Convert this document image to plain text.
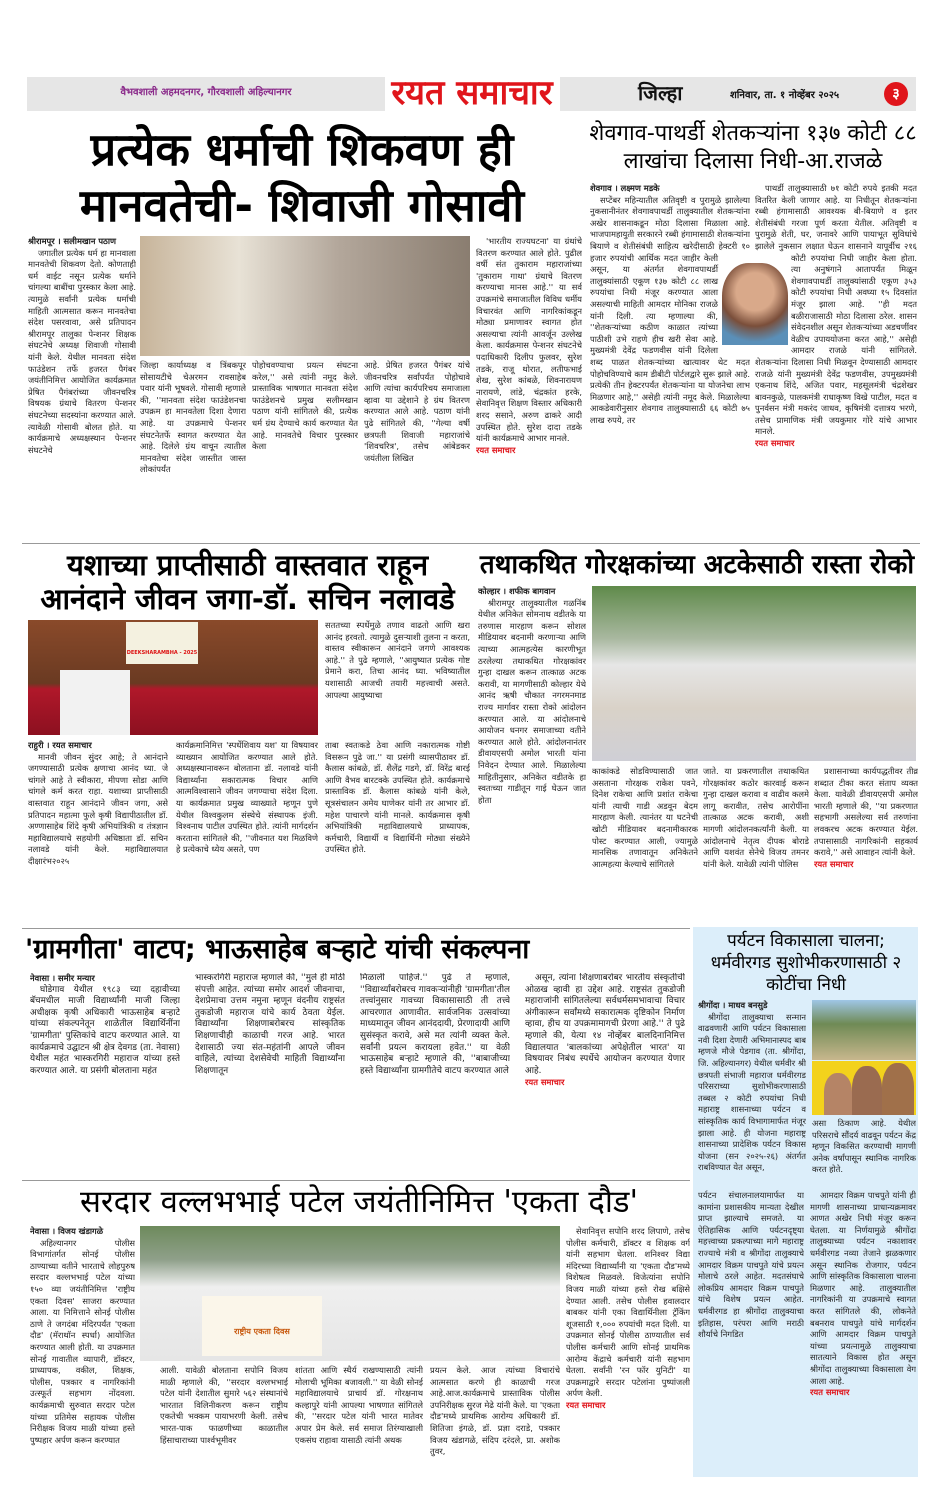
वैभवशाली अहमदनगर, गौरवशाली अहिल्यानगर	रयत समाचार	जिल्हा	शनिवार, ता. १ नोव्हेंबर २०२५	३
प्रत्येक धर्माची शिकवण ही मानवतेची- शिवाजी गोसावी
श्रीरामपूर । सलीमखान पठाण

जगातील प्रत्येक धर्म हा मानवाला मानवतेची शिकवण देतो. कोणताही धर्म वाईट नसून प्रत्येक धर्माने चांगल्या बाबींचा पुरस्कार केला आहे. त्यामुळे सर्वांनी प्रत्येक धर्माची माहिती आत्मसात करून मानवतेचा संदेश पसरवावा, असे प्रतिपादन श्रीरामपूर तालुका पेन्शनर शिक्षक संघटनेचे अध्यक्ष शिवाजी गोसावी यांनी केले. येथील मानवता संदेश फाउंडेशन तर्फे हजरत पैगंबर जयंतीनिमित्त आयोजित कार्यक्रमात प्रेषित पैगंबरांच्या जीवनचरित्र विषयक ग्रंथाचे वितरण पेन्शनर संघटनेच्या सदस्यांना करण्यात आले. त्यावेळी गोसावी बोलत होते. या कार्यक्रमाचे अध्यक्षस्थान पेन्शनर संघटनेचे

जिल्हा कार्याध्यक्ष व त्रिंबकपूर सोसायटीचे चेअरमन रावसाहेब पवार यांनी भूषवले. गोसावी म्हणाले की, ''मानवता संदेश फाउंडेशनचा उपक्रम हा मानवतेला दिशा देणारा आहे. या उपक्रमाचे पेन्शनर संघटनेतर्फे स्वागत करण्यात येत आहे. दिलेले ग्रंथ वाचून त्यातील मानवतेचा संदेश जास्तीत जास्त लोकांपर्यंत
पोहोचवण्याचा प्रयत्न संघटना करेल,'' असे त्यांनी नमूद केले. प्रास्ताविक भाषणात मानवता संदेश फाउंडेशनचे प्रमुख सलीमखान पठाण यांनी सांगितले की, प्रत्येक धर्म ग्रंथ देण्याचे कार्य करण्यात येत आहे. मानवतेचे विचार पुरस्कार केला
आहे. प्रेषित हजरत पैगंबर यांचे जीवनचरित्र सर्वांपर्यंत पोहोचावे आणि त्यांचा कार्यपरिचय समाजाला व्हावा या उद्देशाने हे ग्रंथ वितरण करण्यात आले आहे. पठाण यांनी पुढे सांगितले की, ''गेल्या वर्षी छत्रपती शिवाजी महाराजांचे 'शिवचरित्र', तसेच आंबेडकर जयंतीला लिखित

'भारतीय राज्यघटना' या ग्रंथांचे वितरण करण्यात आले होते. पुढील वर्षी संत तुकाराम महाराजांच्या 'तुकाराम गाथा' ग्रंथाचे वितरण करण्याचा मानस आहे.'' या सर्व उपक्रमांचे समाजातील विविध धर्मीय विचारवंत आणि नागरिकांकडून मोठ्या प्रमाणावर स्वागत होत असल्याचा त्यांनी आवर्जून उल्लेख केला. कार्यक्रमास पेन्शनर संघटनेचे पदाधिकारी दिलीप फुलवर, सुरेश तडके, राजू थोरात, लतीफभाई शेख, सुरेश कांबळे, शिवनारायण नारायणे, लांडे, चंद्रकांत हरके, सेवानिवृत्त शिक्षण विस्तार अधिकारी शरद ससाने, अरुण ढाकरे आदी उपस्थित होते. सुरेश दादा तडके यांनी कार्यक्रमाचे आभार मानले.

रयत समाचार
शेवगाव-पाथर्डी शेतकऱ्यांना १३७ कोटी ८८ लाखांचा दिलासा निधी-आ.राजळे
शेवगाव । लक्ष्मण मडके

सप्टेंबर महिन्यातील अतिवृष्टी व पुरामुळे झालेल्या नुकसानीनंतर शेवगावपाथर्डी तालुक्यातील शेतकऱ्यांना अखेर शासनाकडून मोठा दिलासा मिळाला आहे. भाजपामहायुती सरकारने रब्बी हंगामासाठी शेतकऱ्यांना बियाणे व शेतीसंबंधी साहित्य खरेदीसाठी हेक्टरी १० हजार रुपयांची आर्थिक मदत जाहीर केली असून, या अंतर्गत शेवगावपाथर्डी तालुक्यांसाठी एकूण १३७ कोटी ८८ लाख रुपयांचा निधी मंजूर करण्यात आला असल्याची माहिती आमदार मोनिका राजळे यांनी दिली. त्या म्हणाल्या की, ''शेतकऱ्यांच्या कठीण काळात त्यांच्या पाठीशी उभे राहणे हीच खरी सेवा आहे. मुख्यमंत्री देवेंद्र फडणवीस यांनी दिलेला शब्द पाळत शेतकऱ्यांच्या खात्यावर थेट मदत पोहोचविण्याचे काम डीबीटी पोर्टलद्वारे सुरू झाले आहे. प्रत्येकी तीन हेक्टरपर्यंत शेतकऱ्यांना या योजनेचा लाभ मिळणार आहे,'' असेही त्यांनी नमूद केले. मिळालेल्या आकडेवारीनुसार शेवगाव तालुक्यासाठी ६६ कोटी ७५ लाख रुपये, तर

पाथर्डी तालुक्यासाठी ७१ कोटी रुपये इतकी मदत वितरित केली जाणार आहे. या निधीतून शेतकऱ्यांना रब्बी हंगामासाठी आवश्यक बी-बियाणे व इतर शेतीसंबंधी गरजा पूर्ण करता येतील. अतिवृष्टी व पुरामुळे शेती, घर, जनावरे आणि पायाभूत सुविधांचे झालेले नुकसान लक्षात घेऊन शासनाने यापूर्वीच २१६ कोटी रुपयांचा निधी जाहीर केला होता. त्या अनुषंगाने आतापर्यंत मिळून शेवगावपाथर्डी तालुक्यांसाठी एकूण ३५३ कोटी रुपयांचा निधी अवघ्या १५ दिवसांत मंजूर झाला आहे. ''ही मदत बळीराजासाठी मोठा दिलासा ठरेल. शासन संवेदनशील असून शेतकऱ्यांच्या अडचणींवर वेळीच उपाययोजना करत आहे,'' असेही आमदार राजळे यांनी सांगितले. शेतकऱ्यांना दिलासा निधी मिळवून देण्यासाठी आमदार राजळे यांनी मुख्यमंत्री देवेंद्र फडणवीस, उपमुख्यमंत्री एकनाथ शिंदे, अजित पवार, महसूलमंत्री चंद्रशेखर बावनकुळे, पालकमंत्री राधाकृष्ण विखे पाटील, मदत व पुनर्वसन मंत्री मकरंद जाधव, कृषिमंत्री दत्तात्रय भरणे, तसेच प्रामाणिक मंत्री जयकुमार गोरे यांचे आभार मानले.

रयत समाचार
यशाच्या प्राप्तीसाठी वास्तवात राहून आनंदाने जीवन जगा-डॉ. सचिन नलावडे
DEEKSHARAMBHA - 2025
सततच्या स्पर्धेमुळे तणाव वाढतो आणि खरा आनंद हरवतो. त्यामुळे दुसऱ्याशी तुलना न करता, वास्तव स्वीकारून आनंदाने जगणे आवश्यक आहे.'' ते पुढे म्हणाले, ''आयुष्यात प्रत्येक गोष्ट प्रेमाने करा, तिचा आनंद घ्या. भविष्यातील यशासाठी आजची तयारी महत्त्वाची असते. आपल्या आयुष्याचा
राहुरी । रयत समाचार

मानवी जीवन सुंदर आहे; ते आनंदाने जगण्यासाठी प्रत्येक क्षणाचा आनंद घ्या. जे चांगले आहे ते स्वीकारा, मीपणा सोडा आणि चांगले कर्म करत राहा. यशाच्या प्राप्तीसाठी वास्तवात राहून आनंदाने जीवन जगा, असे प्रतिपादन महात्मा फुले कृषी विद्यापीठातील डॉ. अण्णासाहेब शिंदे कृषी अभियांत्रिकी व तंत्रज्ञान महाविद्यालयाचे सहयोगी अधिष्ठाता डॉ. सचिन नलावडे यांनी केले. महाविद्यालयात दीक्षारंभ२०२५

कार्यक्रमानिमित्त 'स्पर्धेशिवाय यश' या विषयावर व्याख्यान आयोजित करण्यात आले होते. अध्यक्षस्थानावरून बोलताना डॉ. नलावडे यांनी विद्यार्थ्यांना सकारात्मक विचार आणि आत्मविश्वासाने जीवन जगण्याचा संदेश दिला. या कार्यक्रमात प्रमुख व्याख्याते म्हणून पुणे येथील विश्वकुलम संस्थेचे संस्थापक इंजी. विश्वनाथ पाटील उपस्थित होते. त्यांनी मार्गदर्शन करताना सांगितले की, ''जीवनात यश मिळविणे हे प्रत्येकाचे ध्येय असते, पण
ताबा स्वतःकडे ठेवा आणि नकारात्मक गोष्टी विसरून पुढे जा.'' या प्रसंगी व्यासपीठावर डॉ. कैलास कांबळे, डॉ. शैलेंद्र गडगे, डॉ. विरेंद्र बारई आणि वैभव बारटक्के उपस्थित होते. कार्यक्रमाचे प्रास्ताविक डॉ. कैलास कांबळे यांनी केले, सूत्रसंचालन अमेय घाणेकर यांनी तर आभार डॉ. महेश पाचारणे यांनी मानले. कार्यक्रमास कृषी अभियांत्रिकी महाविद्यालयाचे प्राध्यापक, कर्मचारी, विद्यार्थी व विद्यार्थिनी मोठ्या संख्येने उपस्थित होते.
तथाकथित गोरक्षकांच्या अटकेसाठी रास्ता रोको
कोल्हार । शफीक बागवान

श्रीरामपूर तालुक्यातील गळनिंब येथील अनिकेत सोमनाथ वडीतके या तरुणास मारहाण करून सोशल मीडियावर बदनामी करणाऱ्या आणि त्याच्या आत्महत्येस कारणीभूत ठरलेल्या तथाकथित गोरक्षकांवर गुन्हा दाखल करून तात्काळ अटक करावी, या मागणीसाठी कोल्हार येथे आनंद ऋषी चौकात नगरमनमाड राज्य मार्गावर रास्ता रोको आंदोलन करण्यात आले. या आंदोलनाचे आयोजन धनगर समाजाच्या वतीने करण्यात आले होते. आंदोलनानंतर डीवायएसपी अमोल भारती यांना निवेदन देण्यात आले. मिळालेल्या माहितीनुसार, अनिकेत वडीतके हा स्वतःच्या गाडीतून गाई घेऊन जात होता

काकांकडे सोडविण्यासाठी जात असताना गोरक्षक राकेश पवने, दिनेश राकेचा आणि प्रशांत राकेचा यांनी त्याची गाडी अडवून बेदम मारहाण केली. त्यानंतर या घटनेची खोटी मीडियावर बदनामीकारक पोस्ट करण्यात आली, ज्यामुळे मानसिक तणावातून अनिकेतने आत्महत्या केल्याचे सांगितले
जाते. या प्रकरणातील तथाकथित गोरक्षकांवर कठोर कारवाई करून गुन्हा दाखल करावा व वाढीव कलमे लागू करावीत, तसेच आरोपींना तात्काळ अटक करावी, अशी मागणी आंदोलनकर्त्यांनी केली. या आंदोलनाचे नेतृत्व दीपक बोराडे आणि यशवंत सेनेचे विजय तमनर यांनी केले. यावेळी त्यांनी पोलिस

प्रशासनाच्या कार्यपद्धतीवर तीव्र शब्दात टीका करत संताप व्यक्त केला. यावेळी डीवायएसपी अमोल भारती म्हणाले की, ''या प्रकरणात सहभागी असलेल्या सर्व तरुणांना लवकरच अटक करण्यात येईल. तपासासाठी नागरिकांनी सहकार्य करावे,'' असे आवाहन त्यांनी केले.

रयत समाचार
'ग्रामगीता' वाटप; भाऊसाहेब बऱ्हाटे यांची संकल्पना
नेवासा । समीर मन्यार

घोडेगाव येथील १९८३ च्या दहावीच्या बॅचमधील माजी विद्यार्थ्यांनी माजी जिल्हा अधीक्षक कृषी अधिकारी भाऊसाहेब बऱ्हाटे यांच्या संकल्पनेतून शाळेतील विद्यार्थिनींना 'ग्रामगीता' पुस्तिकांचे वाटप करण्यात आले. या कार्यक्रमाचे उद्घाटन श्री क्षेत्र देवगड (ता. नेवासा) येथील महंत भास्करगिरी महाराज यांच्या हस्ते करण्यात आले. या प्रसंगी बोलताना महंत

भास्करगिरी महाराज म्हणाले की, ''मुले ही मोठी संपत्ती आहेत. त्यांच्या समोर आदर्श जीवनाचा, देशप्रेमाचा उत्तम नमुना म्हणून वंदनीय राष्ट्रसंत तुकडोजी महाराज यांचे कार्य ठेवता येईल. विद्यार्थ्यांना शिक्षणाबरोबरच सांस्कृतिक शिक्षणाचीही काळाची गरज आहे. भारत देशासाठी ज्या संत-महंतांनी आपले जीवन वाहिले, त्यांच्या देशसेवेची माहिती विद्यार्थ्यांना शिक्षणातून
मिळाली पाहिजे.'' पुढे ते म्हणाले, ''विद्यार्थ्यांबरोबरच गावकऱ्यांनीही 'ग्रामगीता'तील तत्त्वांनुसार गावच्या विकासासाठी ती तत्त्वे आचरणात आणावीत. सार्वजनिक उत्सवांच्या माध्यमातून जीवन आनंददायी, प्रेरणादायी आणि सुसंस्कृत करावे, असे मत त्यांनी व्यक्त केले. सर्वांनी प्रयत्न करायला हवेत.'' या वेळी भाऊसाहेब बऱ्हाटे म्हणाले की, ''बाबाजीच्या हस्ते विद्यार्थ्यांना ग्रामगीतेचे वाटप करण्यात आले

असून, त्यांना शिक्षणाबरोबर भारतीय संस्कृतीची ओळख व्हावी हा उद्देश आहे. राष्ट्रसंत तुकडोजी महाराजांनी सांगितलेल्या सर्वधर्मसमभावाचा विचार अंगीकारून सर्वांमध्ये सकारात्मक दृष्टिकोन निर्माण व्हावा, हीच या उपक्रमामागची प्रेरणा आहे.'' ते पुढे म्हणाले की, येत्या १४ नोव्हेंबर बालदिनानिमित्त विद्यालयात 'बालकांच्या अपेक्षेतील भारत' या विषयावर निबंध स्पर्धेचे आयोजन करण्यात येणार आहे.

रयत समाचार
पर्यटन विकासाला चालना; धर्मवीरगड सुशोभीकरणासाठी २ कोटींचा निधी
श्रीगोंदा । माधव बनसुडे

श्रीगोंदा तालुक्याचा सन्मान वाढवणारी आणि पर्यटन विकासाला नवी दिशा देणारी अभिमानास्पद बाब म्हणजे मौजे पेडगाव (ता. श्रीगोंदा, जि. अहिल्यानगर) येथील धर्मवीर श्री छत्रपती संभाजी महाराज धर्मवीरगड परिसराच्या सुशोभीकरणासाठी तब्बल २ कोटी रुपयांचा निधी महाराष्ट्र शासनाच्या पर्यटन व सांस्कृतिक कार्य विभागामार्फत मंजूर झाला आहे. ही योजना महाराष्ट्र शासनाच्या प्रादेशिक पर्यटन विकास योजना (सन २०२५-२६) अंतर्गत राबविण्यात येत असून,

असा ठिकाण आहे. येथील परिसराचे सौंदर्य वाढवून पर्यटन केंद्र म्हणून विकसित करण्याची मागणी अनेक वर्षांपासून स्थानिक नागरिक करत होते.
पर्यटन संचालनालयामार्फत या कामांना प्रशासकीय मान्यता देखील प्राप्त झाल्याचे समजते. या ऐतिहासिक आणि पर्यटनदृष्ट्या महत्त्वाच्या प्रकल्पाच्या मागे महाराष्ट्र राज्याचे मंत्री व श्रीगोंदा तालुक्याचे आमदार विक्रम पाचपुते यांचे प्रयत्न मोलाचे ठरले आहेत. मदतसंघाचे लोकप्रिय आमदार विक्रम पाचपुते यांचे विशेष प्रयत्न आहेत. धर्मवीरगड हा श्रीगोंदा तालुक्याचा इतिहास, परंपरा आणि मराठी शौर्याचे निगडित

आमदार विक्रम पाचपुते यांनी ही मागणी शासनाच्या प्राधान्यक्रमावर आणत अखेर निधी मंजूर करून घेतला. या निर्णयामुळे श्रीगोंदा तालुक्याच्या पर्यटन नकाशावर धर्मवीरगड नव्या तेजाने झळकणार असून स्थानिक रोजगार, पर्यटन आणि सांस्कृतिक विकासाला चालना मिळणार आहे. तालुक्यातील नागरिकांनी या उपक्रमाचे स्वागत करत सांगितले की, लोकनेते बबनराव पाचपुते यांचे मार्गदर्शन आणि आमदार विक्रम पाचपुते यांच्या प्रयत्नामुळे तालुक्याचा सातत्याने विकास होत असून श्रीगोंदा तालुक्याच्या विकासाला वेग आला आहे.

रयत समाचार
सरदार वल्लभभाई पटेल जयंतीनिमित्त 'एकता दौड'
नेवासा । विजय खंडागळे

अहिल्यानगर पोलीस विभागांतर्गत सोनई पोलीस ठाण्याच्या वतीने भारताचे लोहपुरुष सरदार वल्लभभाई पटेल यांच्या १५० व्या जयंतीनिमित्त 'राष्ट्रीय एकता दिवस' साजरा करण्यात आला. या निमित्ताने सोनई पोलीस ठाणे ते जगदंबा मंदिरपर्यंत 'एकता दौड' (मॅराथॉन स्पर्धा) आयोजित करण्यात आली होती. या उपक्रमात सोनई गावातील व्यापारी, डॉक्टर, प्राध्यापक, वकील, शिक्षक, पोलीस, पत्रकार व नागरिकांनी उत्स्फूर्त सहभाग नोंदवला. कार्यक्रमाची सुरुवात सरदार पटेल यांच्या प्रतिमेस सहायक पोलीस निरीक्षक विजय माळी यांच्या हस्ते पुष्पहार अर्पण करून करण्यात

राष्ट्रीय एकता दिवस
आली. यावेळी बोलताना सपोनि विजय माळी म्हणाले की, ''सरदार वल्लभभाई पटेल यांनी देशातील सुमारे ५६२ संस्थानांचे भारतात विलिनीकरण करून राष्ट्रीय एकतेची भक्कम पायाभरणी केली. तसेच भारत-पाक फाळणीच्या काळातील हिंसाचाराच्या पार्श्वभूमीवर
शांतता आणि स्थैर्य राखण्यासाठी त्यांनी मोलाची भूमिका बजावली.'' या वेळी सोनई महाविद्यालयाचे प्राचार्य डॉ. गोरक्षनाथ कल्हापुरे यांनी आपल्या भाषणात सांगितले की, ''सरदार पटेल यांनी भारत मातेवर अपार प्रेम केले. सर्व समाज तिरंग्याखाली एकसंघ राहावा यासाठी त्यांनी अथक
प्रयत्न केले. आज त्यांच्या विचारांचे आत्मसात करणे ही काळाची गरज आहे.आज.कार्यक्रमाचे प्रास्ताविक पोलीस उपनिरीक्षक सुरज मेढे यांनी केले. या 'एकता दौड'मध्ये प्राथमिक आरोग्य अधिकारी डॉ. शितिजा इंगळे, डॉ. प्रज्ञा दराडे, पत्रकार विजय खंडागळे, संदिप दरंदले, प्रा. अशोक तुवर,

सेवानिवृत्त सपोनि शरद लिपाणे, तसेच पोलीस कर्मचारी, डॉक्टर व शिक्षक वर्ग यांनी सहभाग घेतला. शनिश्वर विद्या मंदिरच्या विद्यार्थ्यांनी या 'एकता दौड'मध्ये विशेषत्व मिळवले. विजेत्यांना सपोनि विजय माळी यांच्या हस्ते रोख बक्षिसे देण्यात आली. तसेच पोलीस हवालदार बाबकर यांनी एका विद्यार्थिनीला ट्रॅकिंग शूजसाठी १,००० रुपयांची मदत दिली. या उपक्रमात सोनई पोलीस ठाण्यातील सर्व पोलीस कर्मचारी आणि सोनई प्राथमिक आरोग्य केंद्राचे कर्मचारी यांनी सहभाग घेतला. सर्वांनी 'रन फॉर युनिटी' या उपक्रमाद्वारे सरदार पटेलांना पुष्पांजली अर्पण केली.

रयत समाचार
